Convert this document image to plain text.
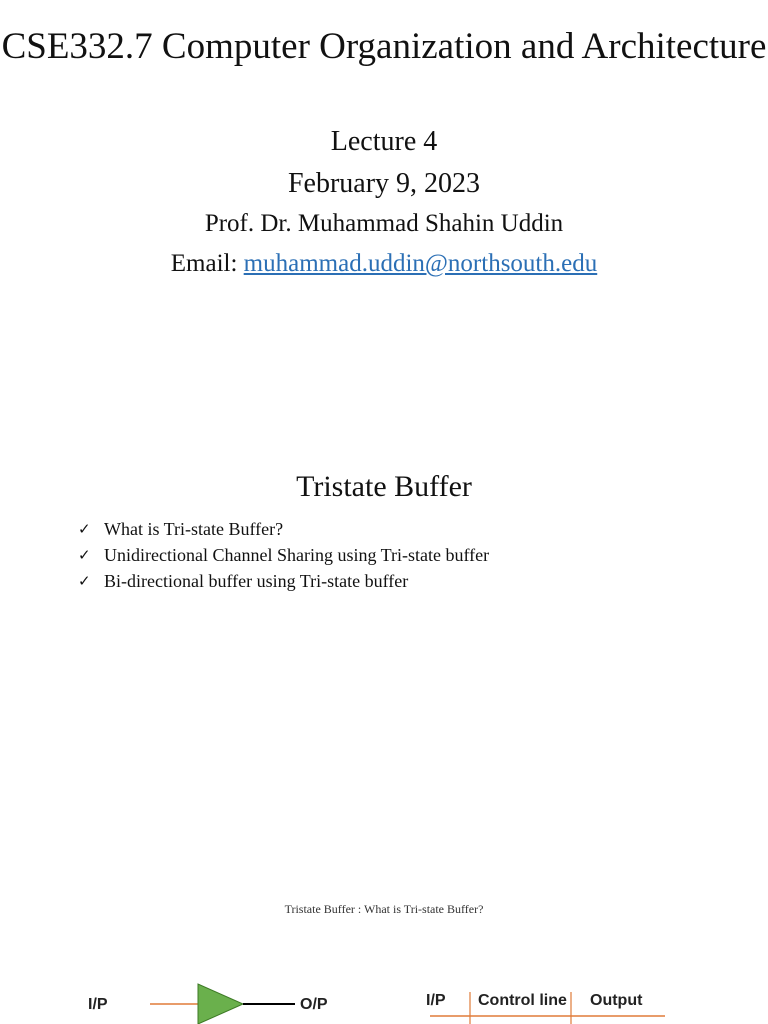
CSE332.7 Computer Organization and Architecture
Lecture 4
February 9, 2023
Prof. Dr. Muhammad Shahin Uddin
Email: muhammad.uddin@northsouth.edu
Tristate Buffer
✓ What is Tri-state Buffer?
✓ Unidirectional Channel Sharing using Tri-state buffer
✓ Bi-directional buffer using Tri-state buffer
Tristate Buffer : What is Tri-state Buffer?
I/P	O/P	I/P Control line Output
